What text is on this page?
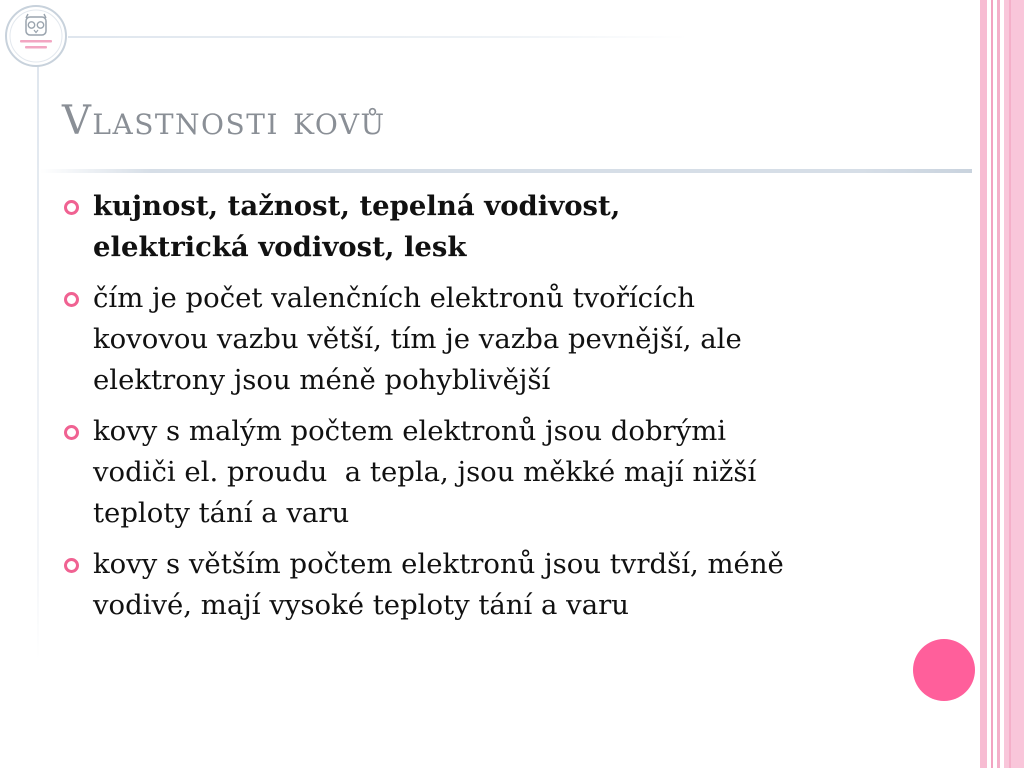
Vlastnosti kovů
kujnost, tažnost, tepelná vodivost,
elektrická vodivost, lesk
čím je počet valenčních elektronů tvořících
kovovou vazbu větší, tím je vazba pevnější, ale
elektrony jsou méně pohyblivější
kovy s malým počtem elektronů jsou dobrými
vodiči el. proudu  a tepla, jsou měkké mají nižší
teploty tání a varu
kovy s větším počtem elektronů jsou tvrdší, méně
vodivé, mají vysoké teploty tání a varu
